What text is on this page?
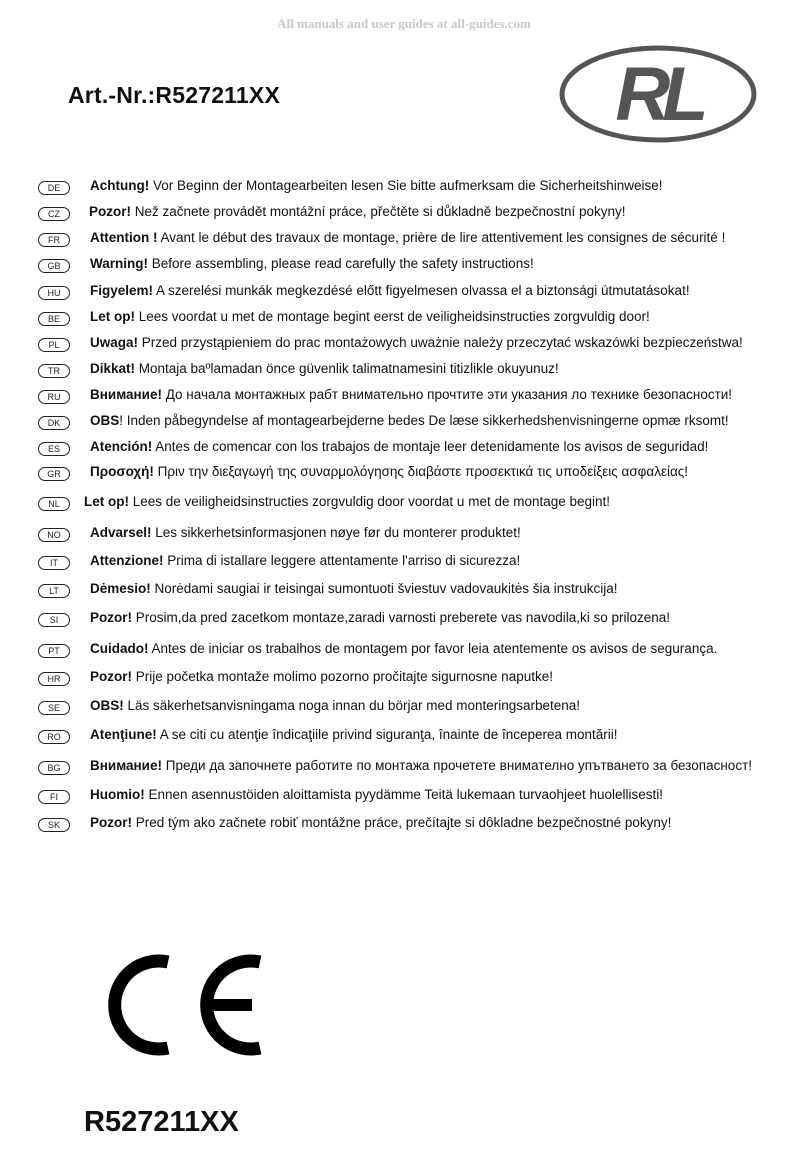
All manuals and user guides at all-guides.com
Art.-Nr.:R527211XX	RL
DE	Achtung! Vor Beginn der Montagearbeiten lesen Sie bitte aufmerksam die Sicherheitshinweise!
CZ	Pozor! Než začnete provádět montážní práce, přečtěte si důkladně bezpečnostní pokyny!
FR	Attention ! Avant le début des travaux de montage, prière de lire attentivement les consignes de sécurité !
GB	Warning! Before assembling, please read carefully the safety instructions!
HU	Figyelem! A szerelési munkák megkezdésé előtt figyelmesen olvassa el a biztonsági útmutatásokat!
BE	Let op! Lees voordat u met de montage begint eerst de veiligheidsinstructies zorgvuldig door!
PL	Uwaga! Przed przystąpieniem do prac montażowych uważnie należy przeczytać wskazówki bezpieczeństwa!
TR	Dikkat! Montaja baºlamadan önce güvenlik talimatnamesini titizlikle okuyunuz!
RU	Внимание! До начала монтажных рабт внимательно прочтите эти указания ло технике безопасности!
DK	OBS! Inden påbegyndelse af montagearbejderne bedes De læse sikkerhedshenvisningerne opmæ rksomt!
ES	Atención! Antes de comencar con los trabajos de montaje leer detenidamente los avisos de seguridad!
GR	Προσοχή! Πριν την διεξαγωγή της συναρμολόγησης διαβάστε προσεκτικά τις υποδείξεις ασφαλείας!
NL	Let op! Lees de veiligheidsinstructies zorgvuldig door voordat u met de montage begint!
NO	Advarsel! Les sikkerhetsinformasjonen nøye før du monterer produktet!
IT	Attenzione! Prima di istallare leggere attentamente l'arriso di sicurezza!
LT	Dėmesio! Norėdami saugiai ir teisingai sumontuoti šviestuv vadovaukitės šia instrukcija!
SI	Pozor! Prosim,da pred zacetkom montaze,zaradi varnosti preberete vas navodila,ki so prilozena!
PT	Cuidado! Antes de iniciar os trabalhos de montagem por favor leia atentemente os avisos de segurança.
HR	Pozor! Prije početka montaže molimo pozorno pročitajte sigurnosne naputke!
SE	OBS! Läs säkerhetsanvisningama noga innan du börjar med monteringsarbetena!
RO	Atenţiune! A se citi cu atenţie îndicaţiile privind siguranţa, înainte de începerea montării!
BG	Внимание! Преди да започнете работите по монтажа прочетете внимателно упътването за безопасност!
FI	Huomio! Ennen asennustöiden aloittamista pyydämme Teitä lukemaan turvaohjeet huolellisesti!
SK	Pozor! Pred tým ako začnete robiť montážne práce, prečítajte si dôkladne bezpečnostné pokyny!
R527211XX
